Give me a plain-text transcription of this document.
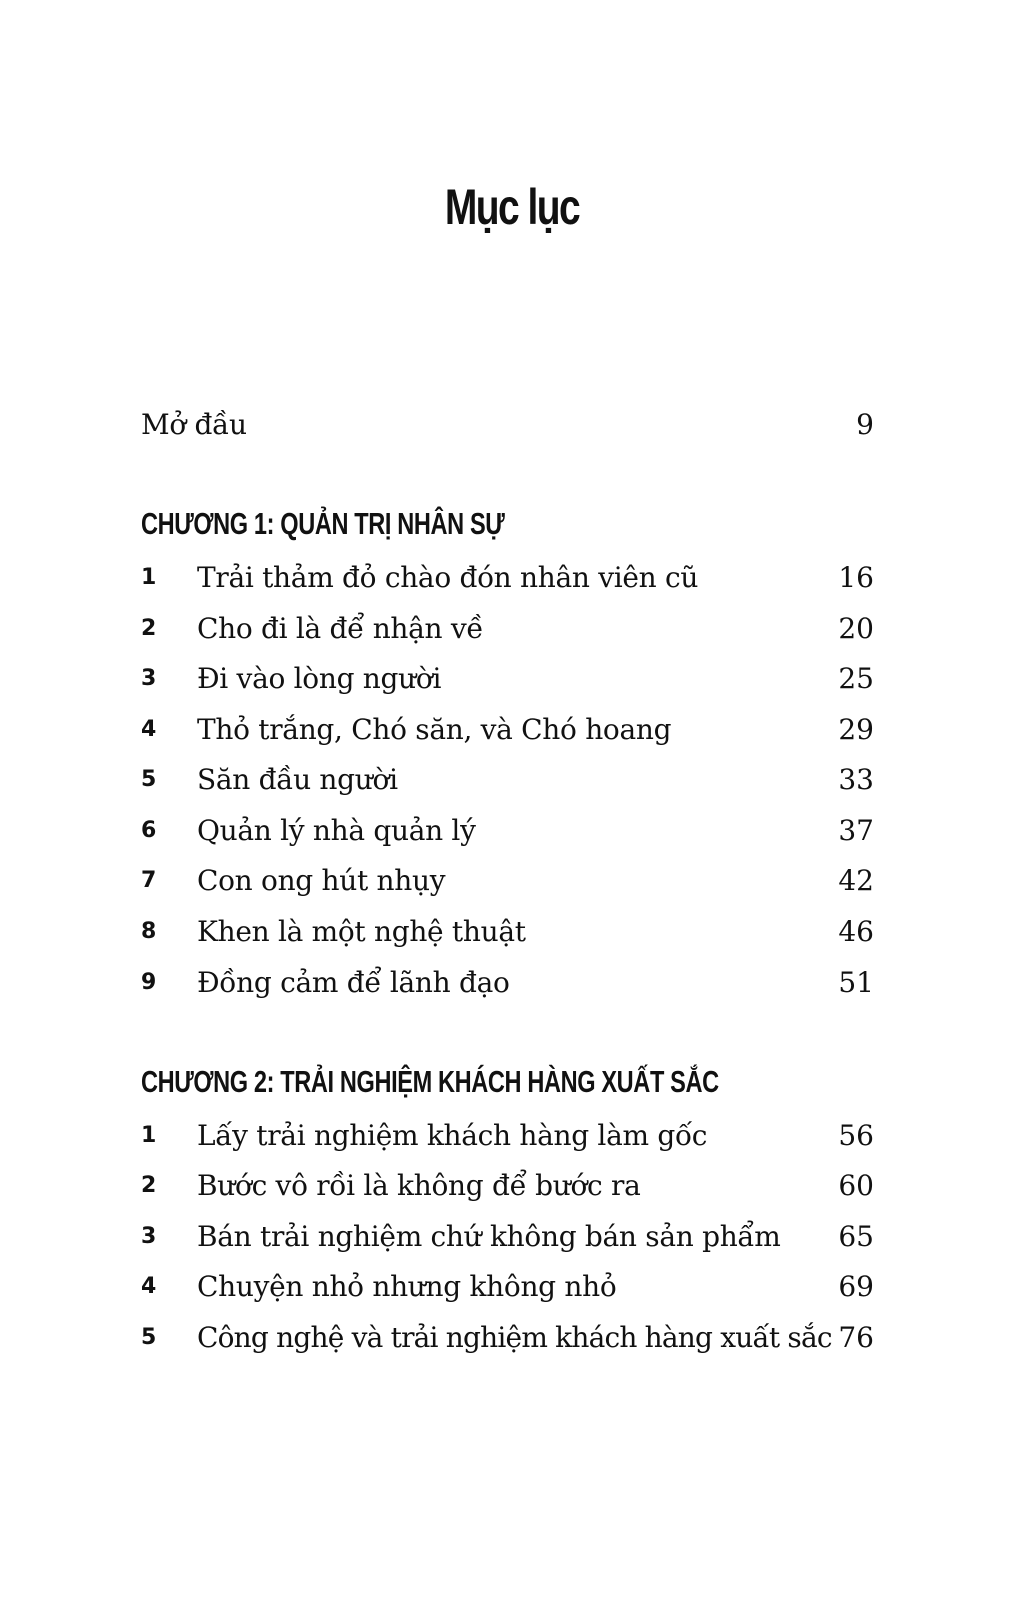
Mục lục
Mở đầu	9
CHƯƠNG 1: QUẢN TRỊ NHÂN SỰ
1 Trải thảm đỏ chào đón nhân viên cũ	16
2 Cho đi là để nhận về	20
3 Đi vào lòng người	25
4 Thỏ trắng, Chó săn, và Chó hoang	29
5 Săn đầu người	33
6 Quản lý nhà quản lý	37
7 Con ong hút nhụy	42
8 Khen là một nghệ thuật	46
9 Đồng cảm để lãnh đạo	51
CHƯƠNG 2: TRẢI NGHIỆM KHÁCH HÀNG XUẤT SẮC
1 Lấy trải nghiệm khách hàng làm gốc	56
2 Bước vô rồi là không để bước ra	60
3 Bán trải nghiệm chứ không bán sản phẩm 65
4 Chuyện nhỏ nhưng không nhỏ	69
5 Công nghệ và trải nghiệm khách hàng xuất sắc 76
